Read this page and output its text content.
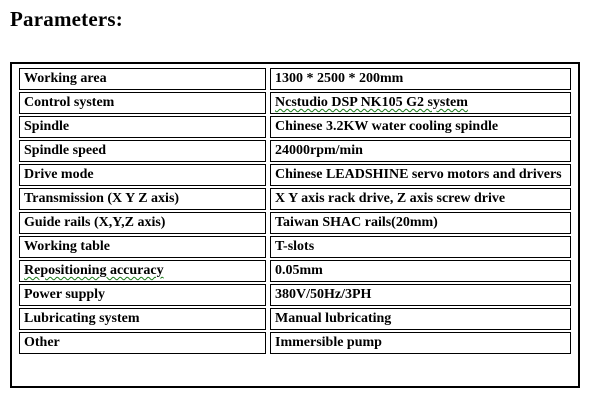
Parameters:
Working area	1300 * 2500 * 200mm
Control system	Ncstudio DSP NK105 G2 system
Spindle	Chinese 3.2KW water cooling spindle
Spindle speed	24000rpm/min
Drive mode	Chinese LEADSHINE servo motors and drivers
Transmission (X Y Z axis)	X Y axis rack drive, Z axis screw drive
Guide rails (X,Y,Z axis)	Taiwan SHAC rails(20mm)
Working table	T-slots
Repositioning accuracy	0.05mm
Power supply	380V/50Hz/3PH
Lubricating system	Manual lubricating
Other	Immersible pump
